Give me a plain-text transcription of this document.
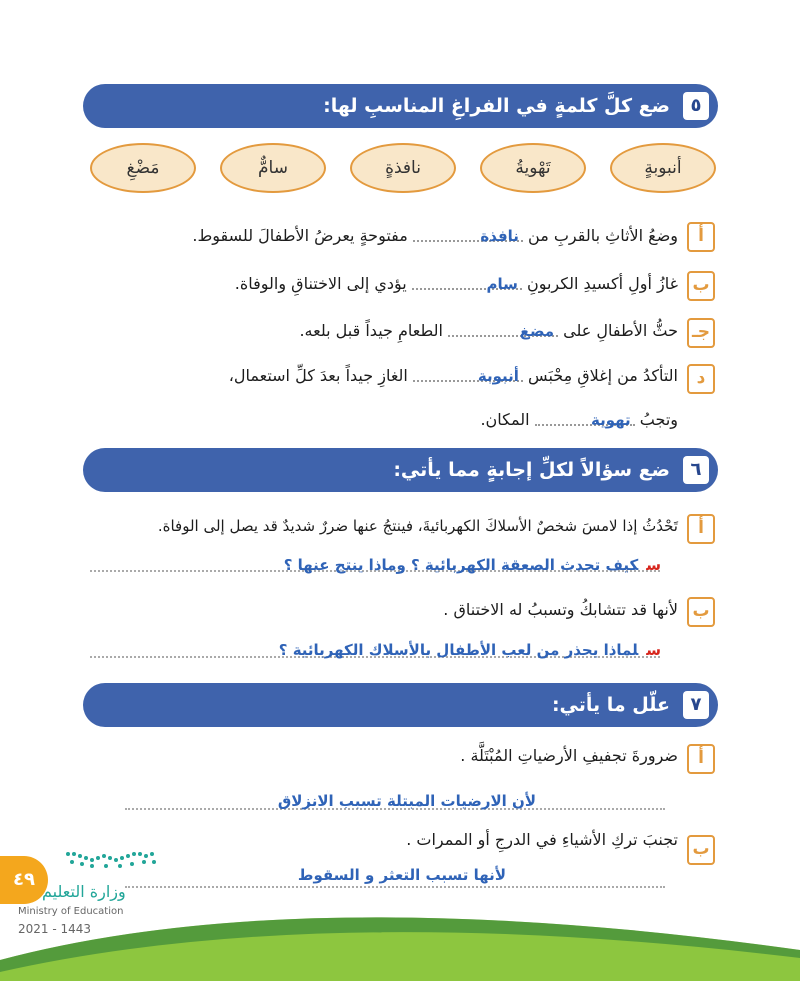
٥
ضع كلَّ كلمةٍ في الفراغِ المناسبِ لها:
أنبوبةٍ
تَهْويةُ
نافذةٍ
سامٌّ
مَضْغِ
أ
وضعُ الأثاثِ بالقربِ من نافذة مفتوحةٍ يعرضُ الأطفالَ للسقوط.
ب
غازُ أولِ أكسيدِ الكربونِ سام يؤدي إلى الاختناقِ والوفاة.
جـ
حثُّ الأطفالِ على مضغ الطعامِ جيداً قبل بلعه.
د
التأكدُ من إغلاقِ مِحْبَس أنبوبة الغازِ جيداً بعدَ كلِّ استعمال،
وتجبُ تهوية المكان.
٦
ضع سؤالاً لكلِّ إجابةٍ مما يأتي:
أ
تَحْدُثُ إذا لامسَ شخصٌ الأسلاكَ الكهربائيةَ، فينتجُ عنها ضررٌ شديدٌ قد يصل إلى الوفاة.
سكيف تحدث الصعقة الكهربائية ؟ وماذا ينتج عنها ؟
ب
لأنها قد تتشابكُ وتسببُ له الاختناق .
سلماذا يحذر من لعب الأطفال بالأسلاك الكهربائية ؟
٧
علّل ما يأتي:
أ
ضرورةَ تجفيفِ الأرضياتِ المُبْتَلَّة .
لأن الارضيات المبتلة تسبب الانزلاق
ب
تجنبَ تركِ الأشياءِ في الدرجِ أو الممرات .
لأنها تسبب التعثر و السقوط
٤٩
وزارة التعليم
Ministry of Education
2021 - 1443
